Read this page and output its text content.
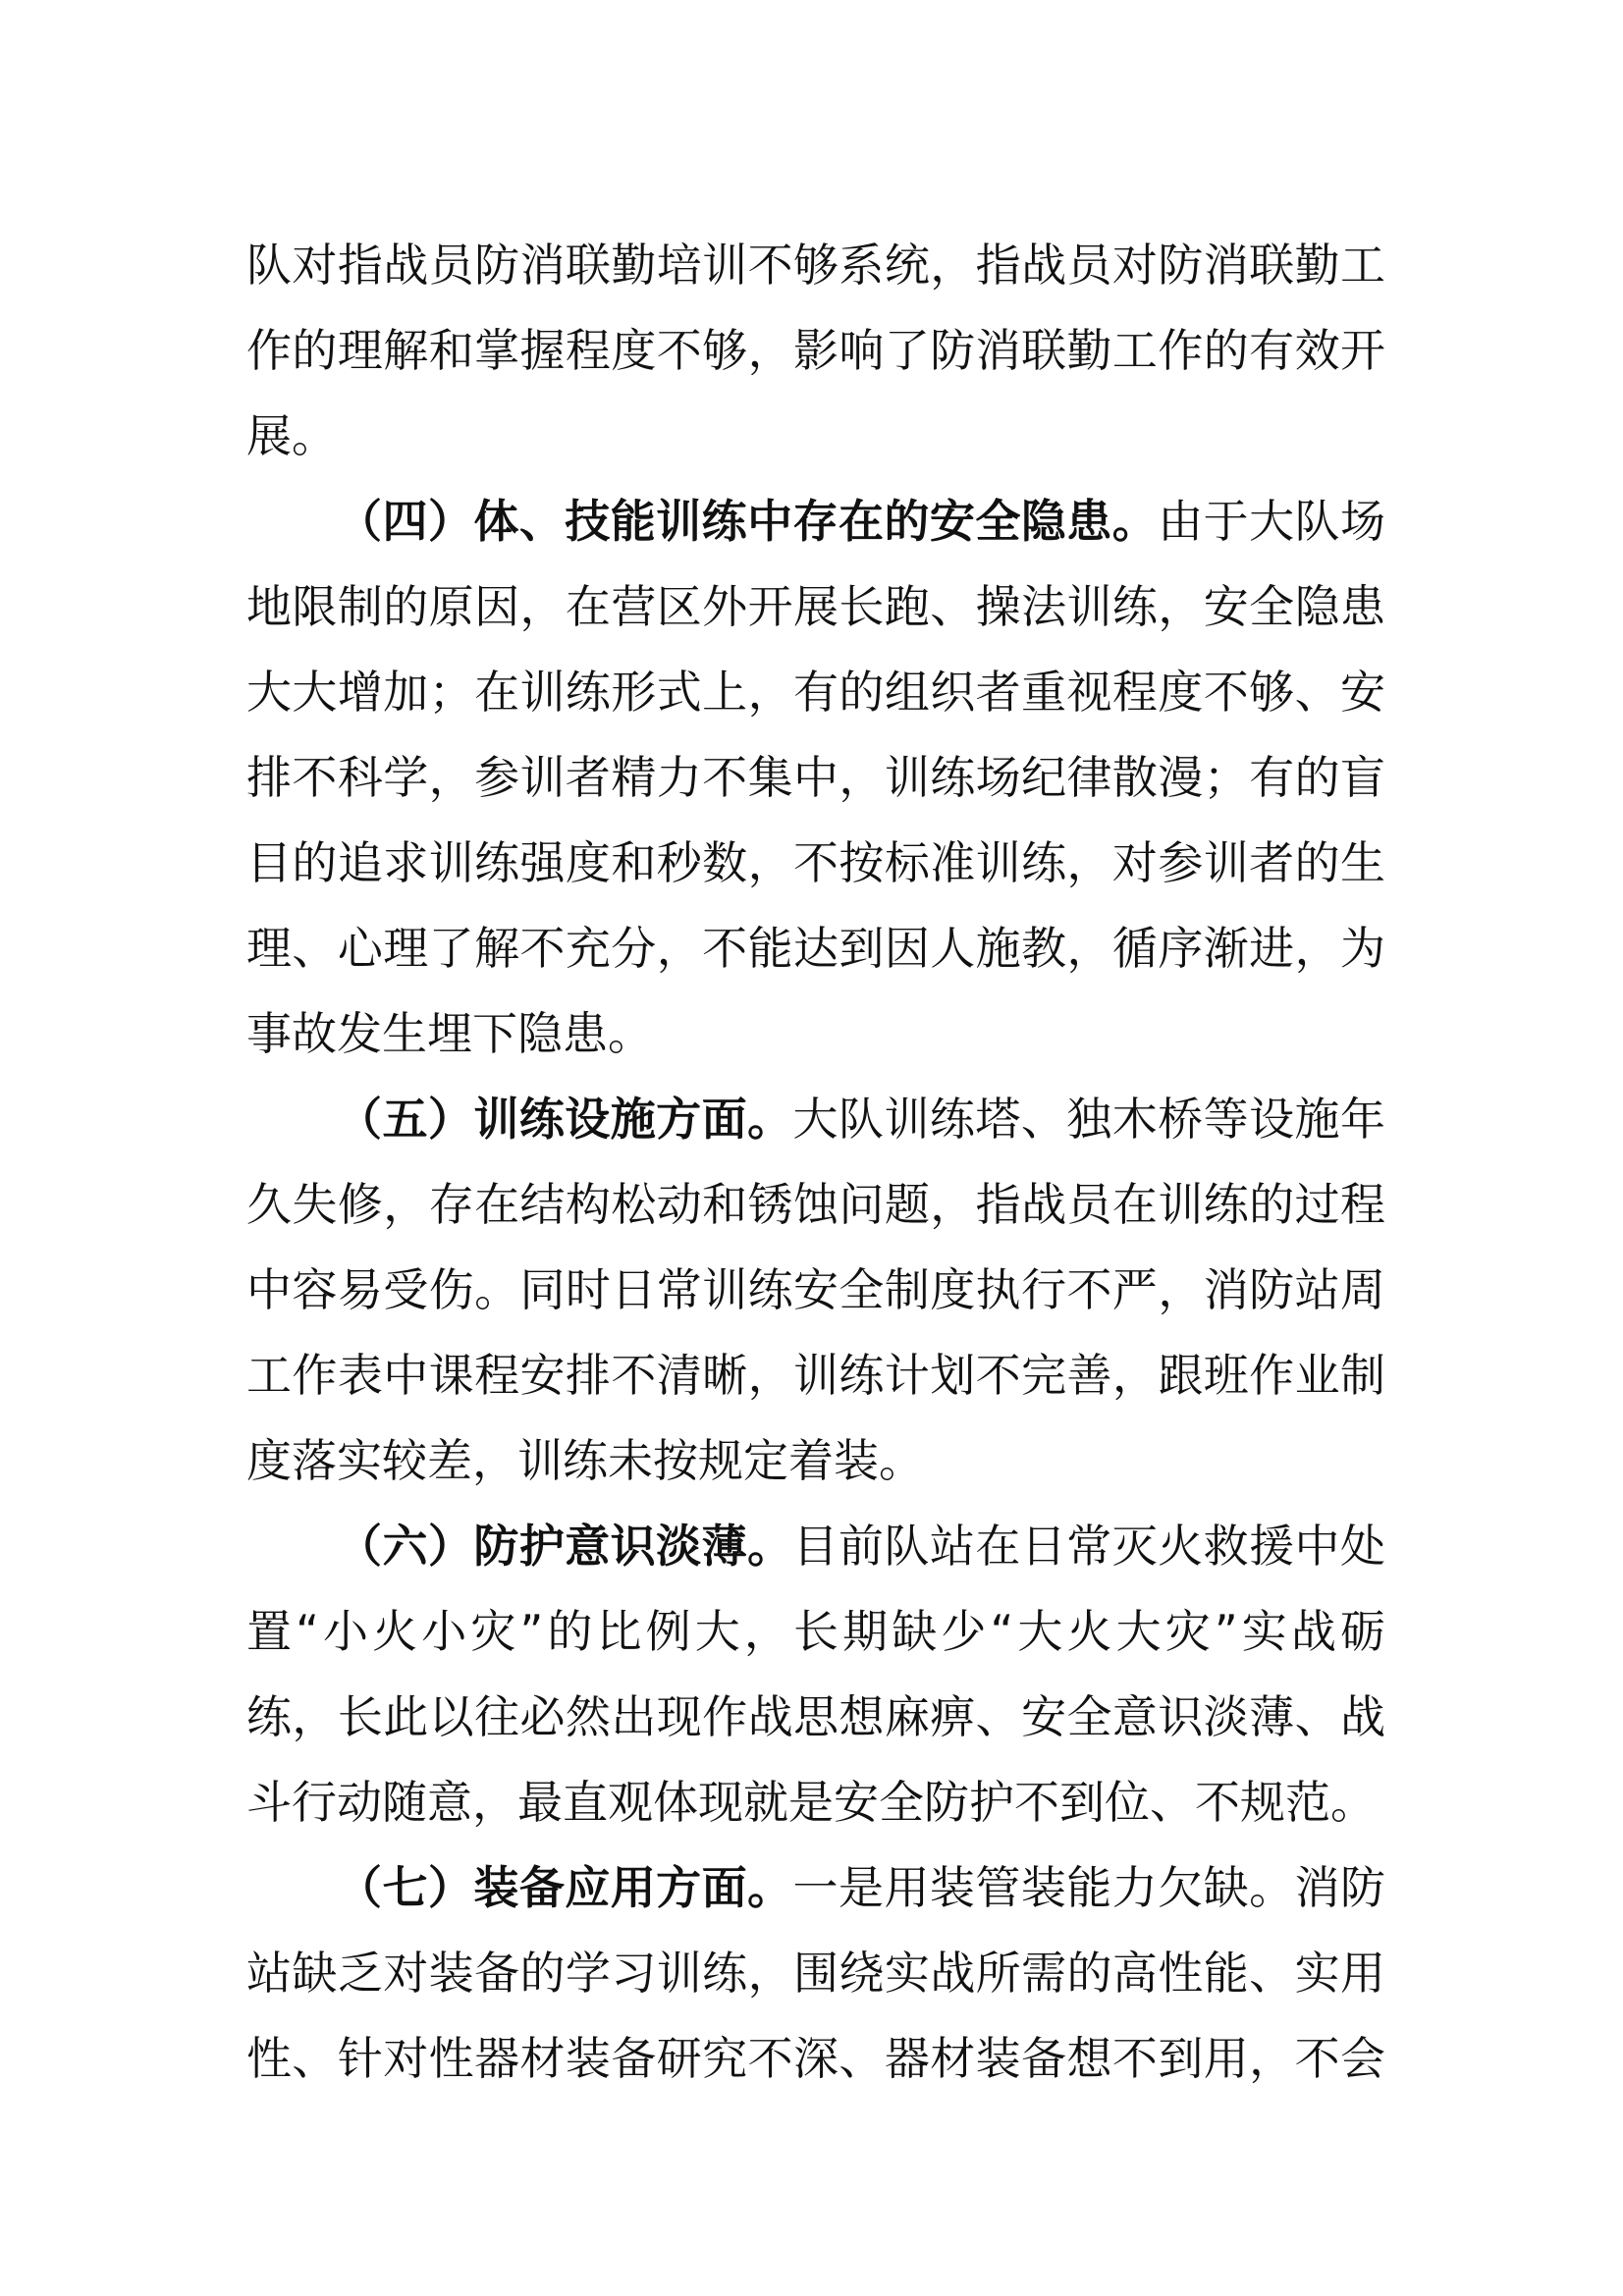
队对指战员防消联勤培训不够系统，指战员对防消联勤工
作的理解和掌握程度不够，影响了防消联勤工作的有效开
展。
（四）体、技能训练中存在的安全隐患。由于大队场
地限制的原因，在营区外开展长跑、操法训练，安全隐患
大大增加；在训练形式上，有的组织者重视程度不够、安
排不科学，参训者精力不集中，训练场纪律散漫；有的盲
目的追求训练强度和秒数，不按标准训练，对参训者的生
理、心理了解不充分，不能达到因人施教，循序渐进，为
事故发生埋下隐患。
（五）训练设施方面。大队训练塔、独木桥等设施年
久失修，存在结构松动和锈蚀问题，指战员在训练的过程
中容易受伤。同时日常训练安全制度执行不严，消防站周
工作表中课程安排不清晰，训练计划不完善，跟班作业制
度落实较差，训练未按规定着装。
（六）防护意识淡薄。目前队站在日常灭火救援中处
置“小火小灾”的比例大，长期缺少“大火大灾”实战砺
练，长此以往必然出现作战思想麻痹、安全意识淡薄、战
斗行动随意，最直观体现就是安全防护不到位、不规范。
（七）装备应用方面。一是用装管装能力欠缺。消防
站缺乏对装备的学习训练，围绕实战所需的高性能、实用
性、针对性器材装备研究不深、器材装备想不到用，不会
